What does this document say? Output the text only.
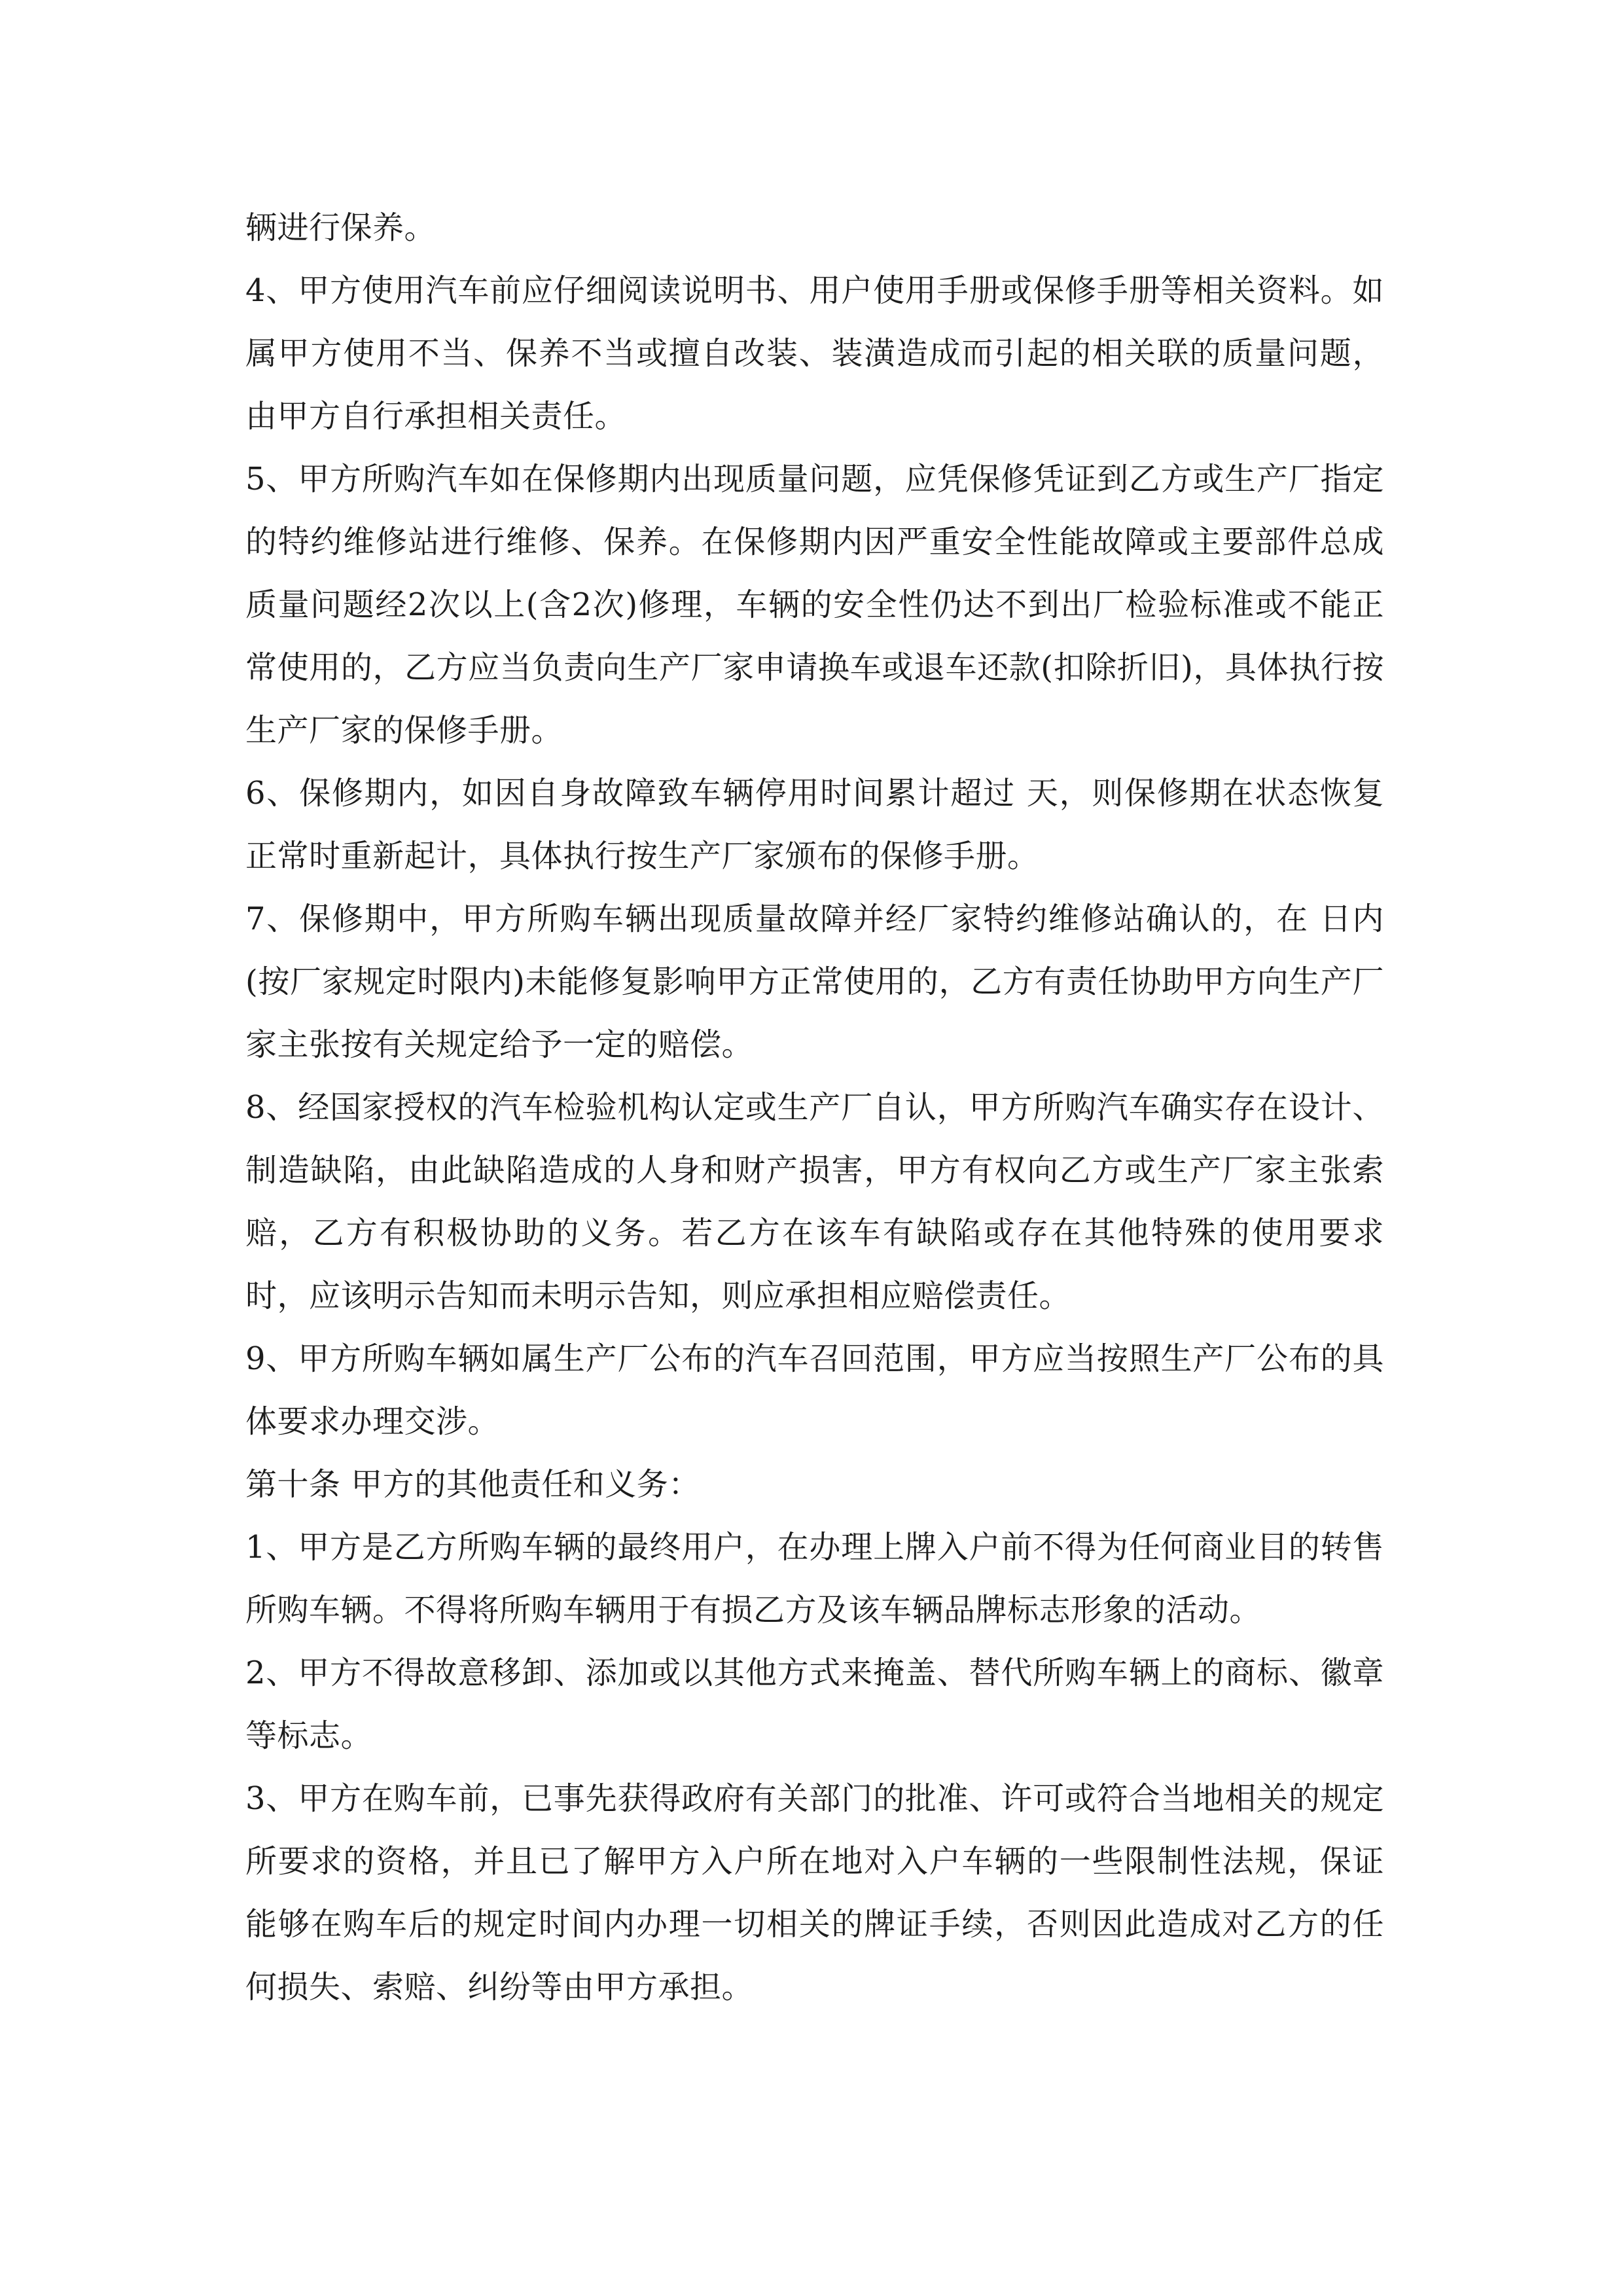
辆进行保养。

4、甲方使用汽车前应仔细阅读说明书、用户使用手册或保修手册等相关资料。如属甲方使用不当、保养不当或擅自改装、装潢造成而引起的相关联的质量问题，由甲方自行承担相关责任。

5、甲方所购汽车如在保修期内出现质量问题，应凭保修凭证到乙方或生产厂指定的特约维修站进行维修、保养。在保修期内因严重安全性能故障或主要部件总成质量问题经2次以上(含2次)修理，车辆的安全性仍达不到出厂检验标准或不能正常使用的，乙方应当负责向生产厂家申请换车或退车还款(扣除折旧)，具体执行按生产厂家的保修手册。

6、保修期内，如因自身故障致车辆停用时间累计超过 天，则保修期在状态恢复正常时重新起计，具体执行按生产厂家颁布的保修手册。

7、保修期中，甲方所购车辆出现质量故障并经厂家特约维修站确认的，在 日内(按厂家规定时限内)未能修复影响甲方正常使用的，乙方有责任协助甲方向生产厂家主张按有关规定给予一定的赔偿。

8、经国家授权的汽车检验机构认定或生产厂自认，甲方所购汽车确实存在设计、制造缺陷，由此缺陷造成的人身和财产损害，甲方有权向乙方或生产厂家主张索赔，乙方有积极协助的义务。若乙方在该车有缺陷或存在其他特殊的使用要求时，应该明示告知而未明示告知，则应承担相应赔偿责任。

9、甲方所购车辆如属生产厂公布的汽车召回范围，甲方应当按照生产厂公布的具体要求办理交涉。

第十条 甲方的其他责任和义务：

1、甲方是乙方所购车辆的最终用户，在办理上牌入户前不得为任何商业目的转售所购车辆。不得将所购车辆用于有损乙方及该车辆品牌标志形象的活动。

2、甲方不得故意移卸、添加或以其他方式来掩盖、替代所购车辆上的商标、徽章等标志。

3、甲方在购车前，已事先获得政府有关部门的批准、许可或符合当地相关的规定所要求的资格，并且已了解甲方入户所在地对入户车辆的一些限制性法规，保证能够在购车后的规定时间内办理一切相关的牌证手续，否则因此造成对乙方的任何损失、索赔、纠纷等由甲方承担。
